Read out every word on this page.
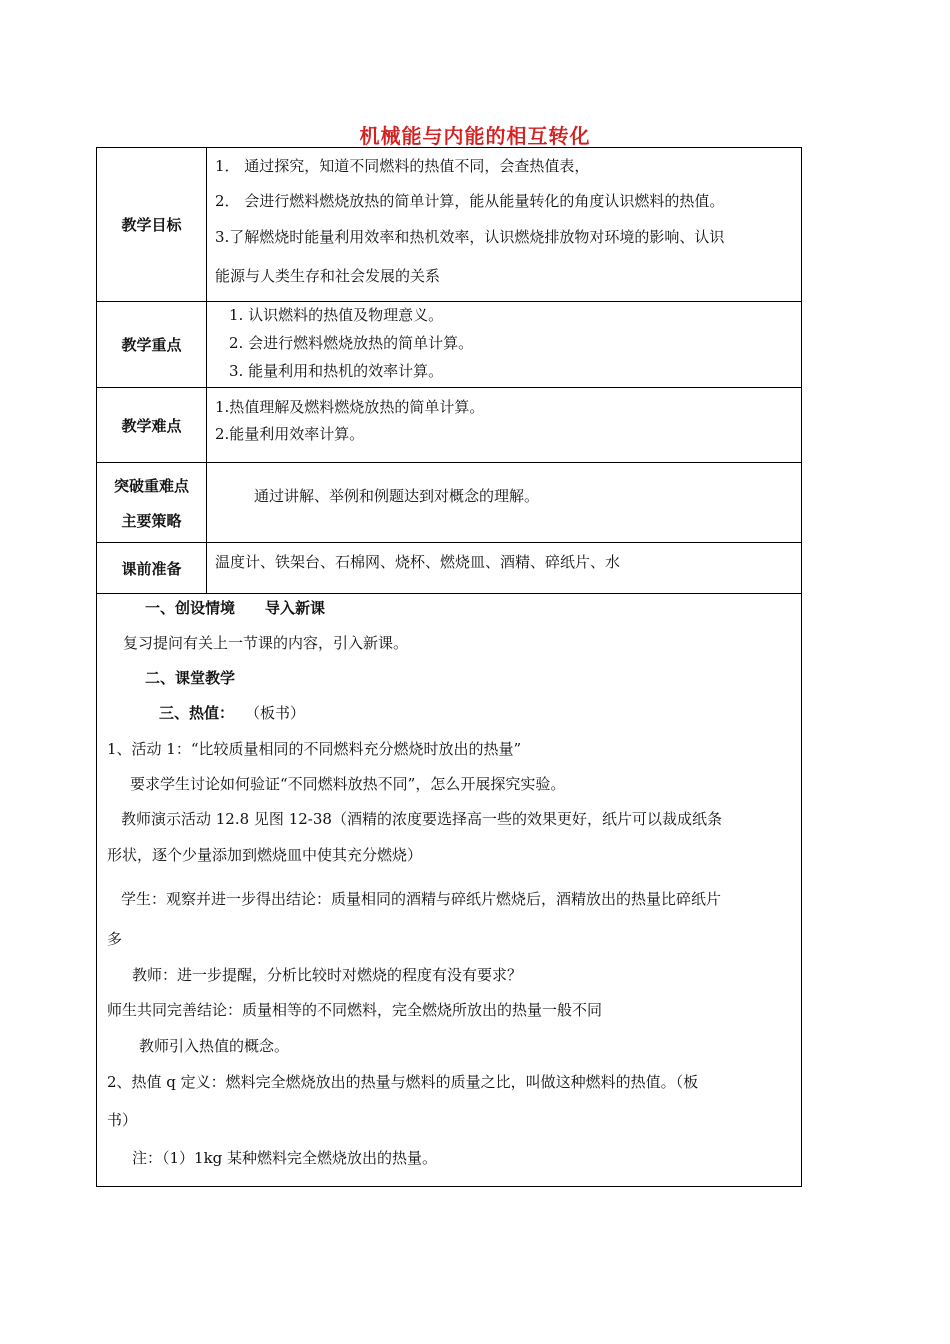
机械能与内能的相互转化
教学目标
1． 通过探究，知道不同燃料的热值不同，会查热值表，
2． 会进行燃料燃烧放热的简单计算，能从能量转化的角度认识燃料的热值。
3.了解燃烧时能量利用效率和热机效率，认识燃烧排放物对环境的影响、认识
能源与人类生存和社会发展的关系
教学重点
1. 认识燃料的热值及物理意义。
2. 会进行燃料燃烧放热的简单计算。
3. 能量利用和热机的效率计算。
教学难点
1.热值理解及燃料燃烧放热的简单计算。
2.能量利用效率计算。
突破重难点
主要策略
通过讲解、举例和例题达到对概念的理解。
课前准备	温度计、铁架台、石棉网、烧杯、燃烧皿、酒精、碎纸片、水
一、创设情境　　导入新课
复习提问有关上一节课的内容，引入新课。
二、课堂教学
三、热值： （板书）
1、活动 1：“比较质量相同的不同燃料充分燃烧时放出的热量”
要求学生讨论如何验证“不同燃料放热不同”，怎么开展探究实验。
教师演示活动 12.8 见图 12-38（酒精的浓度要选择高一些的效果更好，纸片可以裁成纸条
形状，逐个少量添加到燃烧皿中使其充分燃烧）
学生：观察并进一步得出结论：质量相同的酒精与碎纸片燃烧后，酒精放出的热量比碎纸片
多
教师：进一步提醒，分析比较时对燃烧的程度有没有要求？
师生共同完善结论：质量相等的不同燃料，完全燃烧所放出的热量一般不同
教师引入热值的概念。
2、热值 q 定义：燃料完全燃烧放出的热量与燃料的质量之比，叫做这种燃料的热值。（板
书）
注：（1）1kg 某种燃料完全燃烧放出的热量。
